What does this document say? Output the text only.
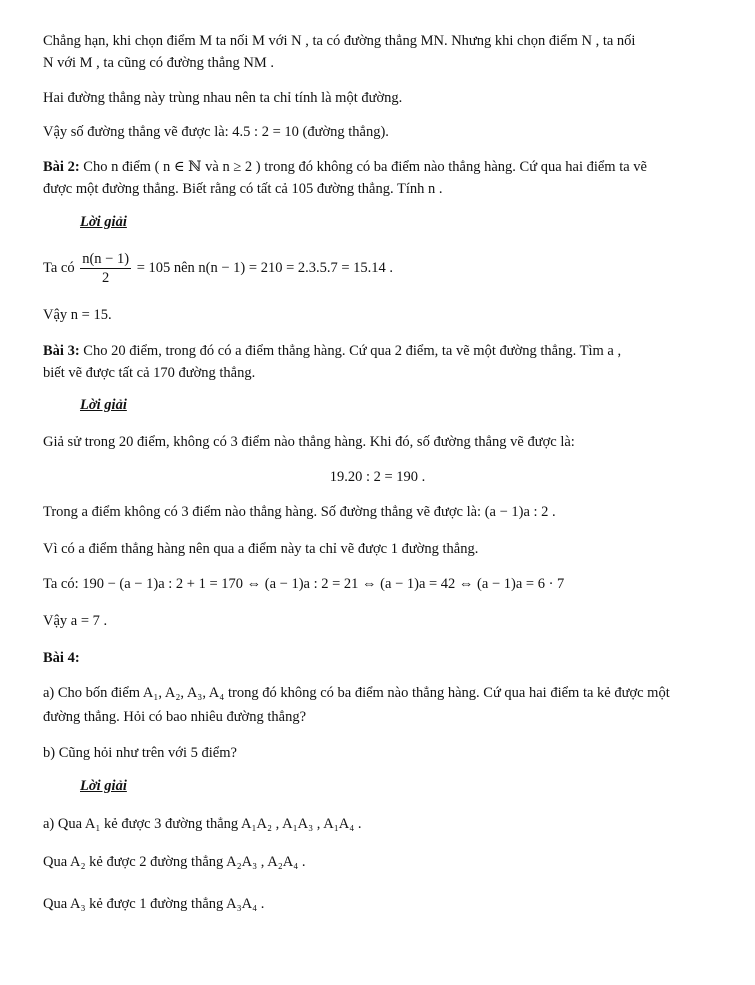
Chẳng hạn, khi chọn điểm M ta nối M với N , ta có đường thẳng MN. Nhưng khi chọn điểm N , ta nối
N với M , ta cũng có đường thẳng NM .
Hai đường thẳng này trùng nhau nên ta chỉ tính là một đường.
Vậy số đường thẳng vẽ được là: 4.5 : 2 = 10 (đường thẳng).
Bài 2: Cho n điểm ( n ∈ ℕ và n ≥ 2 ) trong đó không có ba điểm nào thẳng hàng. Cứ qua hai điểm ta vẽ
được một đường thẳng. Biết rằng có tất cả 105 đường thẳng. Tính n .
Lời giải
Ta có $\frac{n(n - 1)}{2} = 105$ nên n(n − 1) = 210 = 2.3.5.7 = 15.14 .
Vậy n = 15.
Bài 3: Cho 20 điểm, trong đó có a điểm thẳng hàng. Cứ qua 2 điểm, ta vẽ một đường thẳng. Tìm a ,
biết vẽ được tất cả 170 đường thẳng.
Lời giải
Giả sử trong 20 điểm, không có 3 điểm nào thẳng hàng. Khi đó, số đường thẳng vẽ được là:
19.20 : 2 = 190 .
Trong a điểm không có 3 điểm nào thẳng hàng. Số đường thẳng vẽ được là: (a − 1)a : 2 .
Vì có a điểm thẳng hàng nên qua a điểm này ta chỉ vẽ được 1 đường thẳng.
Ta có: 190 − (a − 1)a : 2 + 1 = 170 ⇔ (a − 1)a : 2 = 21 ⇔ (a − 1)a = 42 ⇔ (a − 1)a = 6 · 7
Vậy a = 7 .
Bài 4:
a) Cho bốn điểm A₁, A₂, A₃, A₄ trong đó không có ba điểm nào thẳng hàng. Cứ qua hai điểm ta kẻ được một
đường thẳng. Hỏi có bao nhiêu đường thẳng?
b) Cũng hỏi như trên với 5 điểm?
Lời giải
a) Qua A₁ kẻ được 3 đường thẳng A₁A₂ , A₁A₃ , A₁A₄ .
Qua A₂ kẻ được 2 đường thẳng A₂A₃ , A₂A₄ .
Qua A₃ kẻ được 1 đường thẳng A₃A₄ .
